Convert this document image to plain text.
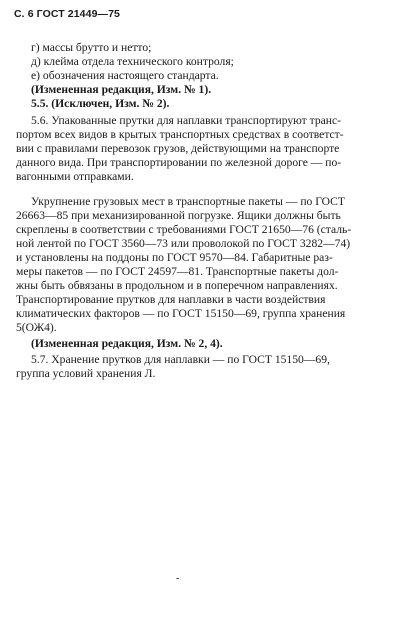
С. 6 ГОСТ 21449—75
г) массы брутто и нетто;
д) клейма отдела технического контроля;
е) обозначения настоящего стандарта.
(Измененная редакция, Изм. № 1).
5.5. (Исключен, Изм. № 2).
5.6. Упакованные прутки для наплавки транспортируют транс-
портом всех видов в крытых транспортных средствах в соответст-
вии с правилами перевозок грузов, действующими на транспорте
данного вида. При транспортировании по железной дороге — по-
вагонными отправками.
Укрупнение грузовых мест в транспортные пакеты — по ГОСТ
26663—85 при механизированной погрузке. Ящики должны быть
скреплены в соответствии с требованиями ГОСТ 21650—76 (сталь-
ной лентой по ГОСТ 3560—73 или проволокой по ГОСТ 3282—74)
и установлены на поддоны по ГОСТ 9570—84. Габаритные раз-
меры пакетов — по ГОСТ 24597—81. Транспортные пакеты дол-
жны быть обвязаны в продольном и в поперечном направлениях.
Транспортирование прутков для наплавки в части воздействия
климатических факторов — по ГОСТ 15150—69, группа хранения
5(ОЖ4).
(Измененная редакция, Изм. № 2, 4).
5.7. Хранение прутков для наплавки — по ГОСТ 15150—69,
группа условий хранения Л.
-
